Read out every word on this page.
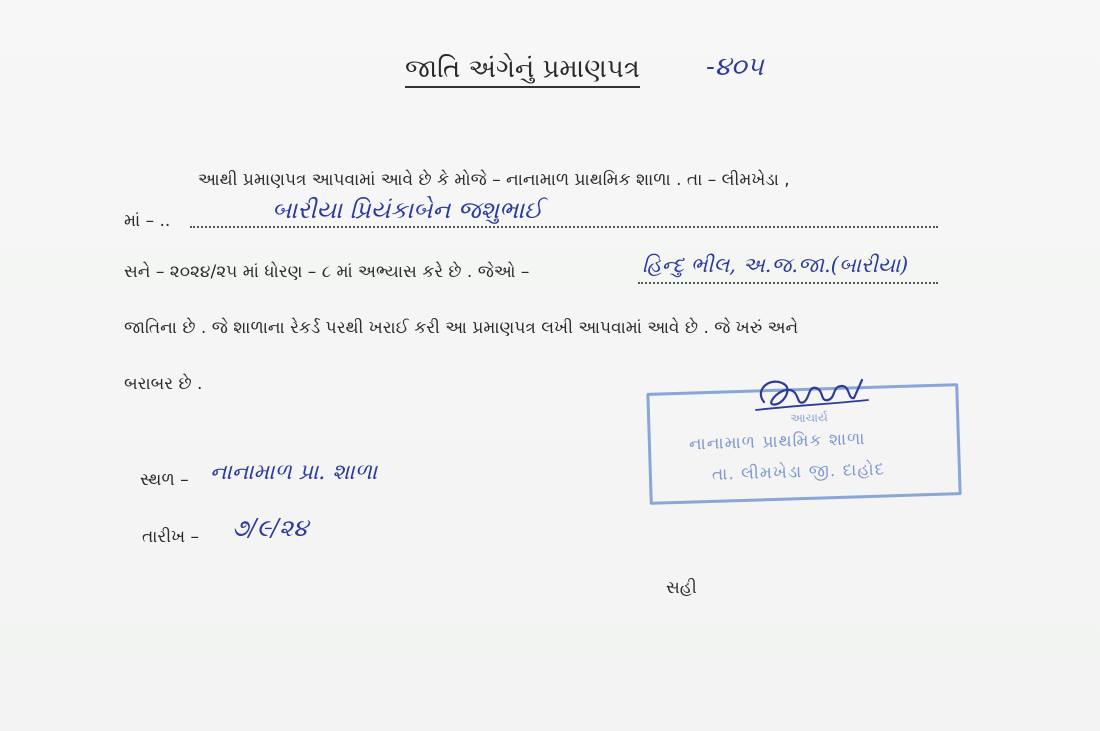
જાતિ અંગેનું પ્રમાણપત્ર	-૪૦૫
આથી પ્રમાણપત્ર આપવામાં આવે છે કે મોજે – નાનામાળ પ્રાથમિક શાળા . તા – લીમખેડા ,
માં – ..	બારીયા પ્રિયંકાબેન જશુભાઈ
સને – ૨૦૨૪/૨૫ માં ધોરણ – ૮ માં અભ્યાસ કરે છે . જેઓ –	હિન્દુ ભીલ, અ.જ.જા.(બારીયા)
જાતિના છે . જે શાળાના રેકર્ડ પરથી ખરાઈ કરી આ પ્રમાણપત્ર લખી આપવામાં આવે છે . જે ખરું અને
બરાબર છે .
સ્થળ – નાનામાળ પ્રા. શાળા
તારીખ – ૭/૯/૨૪
સહી
આચાર્ય
નાનામાળ પ્રાથમિક શાળા
તા. લીમખેડા જી. દાહોદ
